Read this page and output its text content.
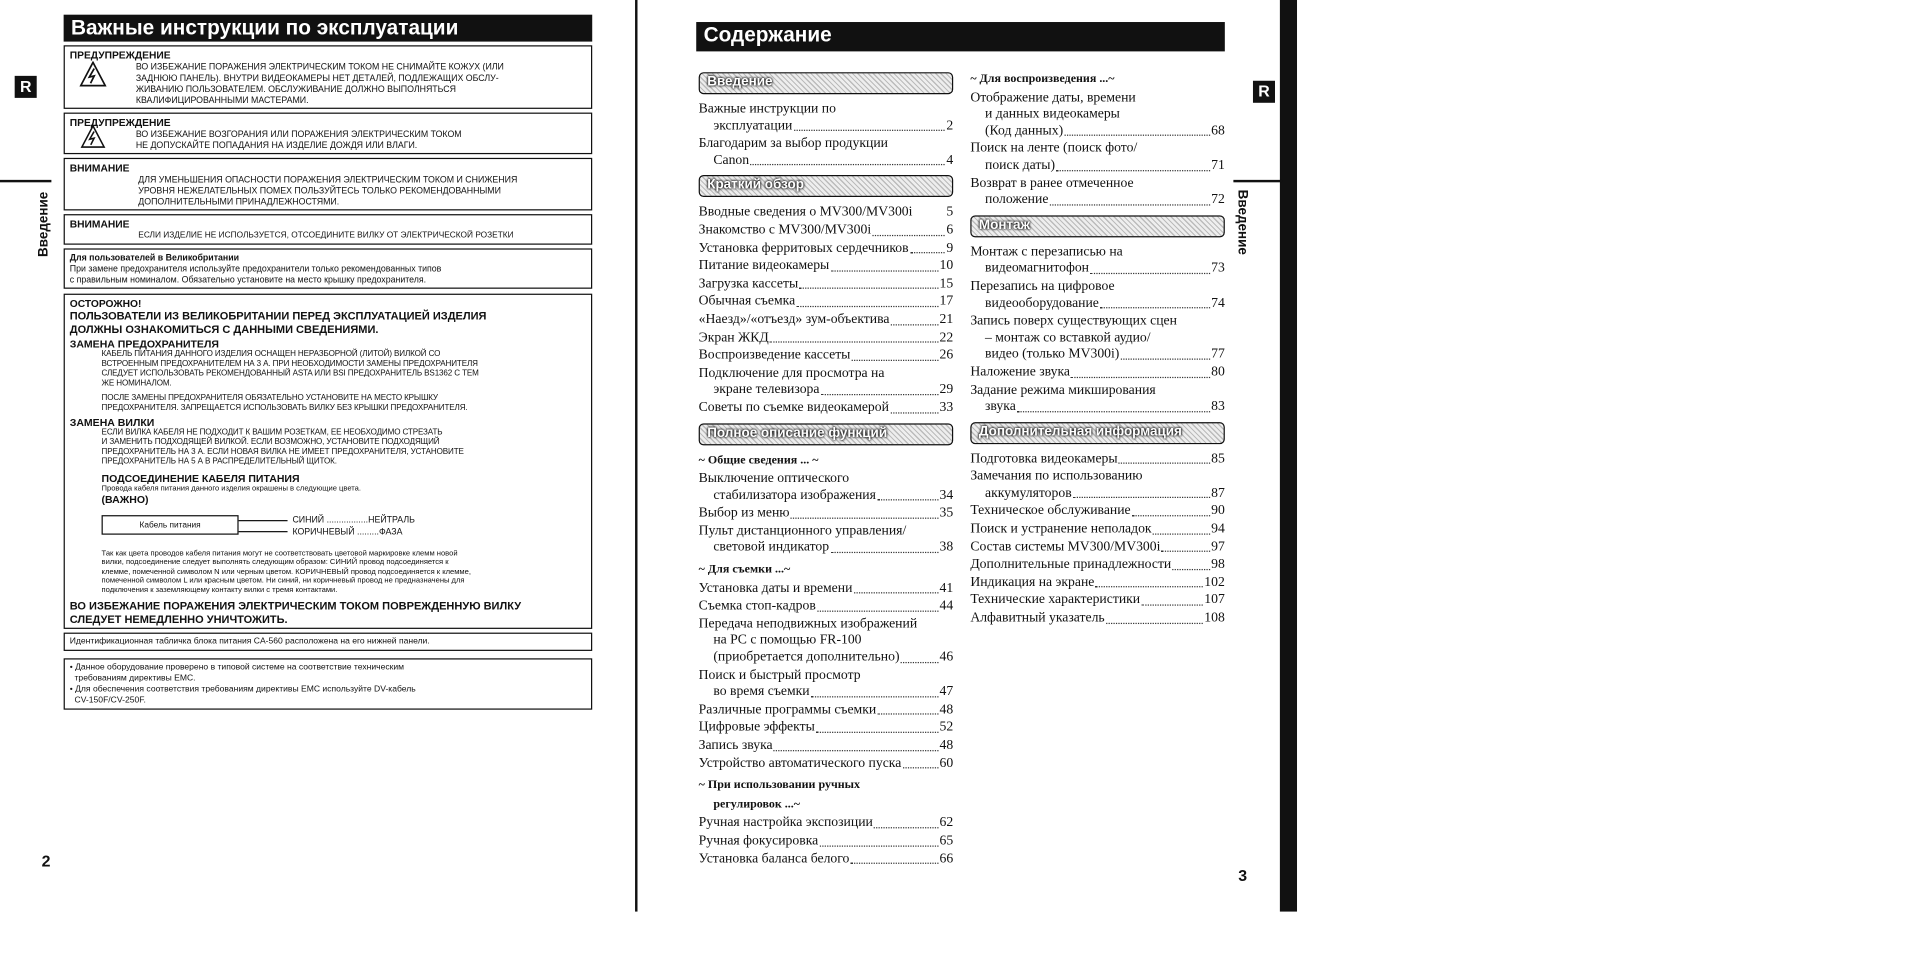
R
Введение
2
Важные инструкции по эксплуатации
ПРЕДУПРЕЖДЕНИЕ
ВО ИЗБЕЖАНИЕ ПОРАЖЕНИЯ ЭЛЕКТРИЧЕСКИМ ТОКОМ НЕ СНИМАЙТЕ КОЖУХ (ИЛИ
ЗАДНЮЮ ПАНЕЛЬ). ВНУТРИ ВИДЕОКАМЕРЫ НЕТ ДЕТАЛЕЙ, ПОДЛЕЖАЩИХ ОБСЛУ-
ЖИВАНИЮ ПОЛЬЗОВАТЕЛЕМ. ОБСЛУЖИВАНИЕ ДОЛЖНО ВЫПОЛНЯТЬСЯ
КВАЛИФИЦИРОВАННЫМИ МАСТЕРАМИ.
ПРЕДУПРЕЖДЕНИЕ
ВО ИЗБЕЖАНИЕ ВОЗГОРАНИЯ ИЛИ ПОРАЖЕНИЯ ЭЛЕКТРИЧЕСКИМ ТОКОМ
НЕ ДОПУСКАЙТЕ ПОПАДАНИЯ НА ИЗДЕЛИЕ ДОЖДЯ ИЛИ ВЛАГИ.
ВНИМАНИЕ
ДЛЯ УМЕНЬШЕНИЯ ОПАСНОСТИ ПОРАЖЕНИЯ ЭЛЕКТРИЧЕСКИМ ТОКОМ И СНИЖЕНИЯ
УРОВНЯ НЕЖЕЛАТЕЛЬНЫХ ПОМЕХ ПОЛЬЗУЙТЕСЬ ТОЛЬКО РЕКОМЕНДОВАННЫМИ
ДОПОЛНИТЕЛЬНЫМИ ПРИНАДЛЕЖНОСТЯМИ.
ВНИМАНИЕ
ЕСЛИ ИЗДЕЛИЕ НЕ ИСПОЛЬЗУЕТСЯ, ОТСОЕДИНИТЕ ВИЛКУ ОТ ЭЛЕКТРИЧЕСКОЙ РОЗЕТКИ
Для пользователей в Великобритании
При замене предохранителя используйте предохранители только рекомендованных типов
с правильным номиналом. Обязательно установите на место крышку предохранителя.
ОСТОРОЖНО!
ПОЛЬЗОВАТЕЛИ ИЗ ВЕЛИКОБРИТАНИИ ПЕРЕД ЭКСПЛУАТАЦИЕЙ ИЗДЕЛИЯ
ДОЛЖНЫ ОЗНАКОМИТЬСЯ С ДАННЫМИ СВЕДЕНИЯМИ.
ЗАМЕНА ПРЕДОХРАНИТЕЛЯ
КАБЕЛЬ ПИТАНИЯ ДАННОГО ИЗДЕЛИЯ ОСНАЩЕН НЕРАЗБОРНОЙ (ЛИТОЙ) ВИЛКОЙ СО
ВСТРОЕННЫМ ПРЕДОХРАНИТЕЛЕМ НА 3 А. ПРИ НЕОБХОДИМОСТИ ЗАМЕНЫ ПРЕДОХРАНИТЕЛЯ
СЛЕДУЕТ ИСПОЛЬЗОВАТЬ РЕКОМЕНДОВАННЫЙ ASTA ИЛИ BSI ПРЕДОХРАНИТЕЛЬ BS1362 С ТЕМ
ЖЕ НОМИНАЛОМ.
ПОСЛЕ ЗАМЕНЫ ПРЕДОХРАНИТЕЛЯ ОБЯЗАТЕЛЬНО УСТАНОВИТЕ НА МЕСТО КРЫШКУ
ПРЕДОХРАНИТЕЛЯ. ЗАПРЕЩАЕТСЯ ИСПОЛЬЗОВАТЬ ВИЛКУ БЕЗ КРЫШКИ ПРЕДОХРАНИТЕЛЯ.
ЗАМЕНА ВИЛКИ
ЕСЛИ ВИЛКА КАБЕЛЯ НЕ ПОДХОДИТ К ВАШИМ РОЗЕТКАМ, ЕЕ НЕОБХОДИМО СТРЕЗАТЬ
И ЗАМЕНИТЬ ПОДХОДЯЩЕЙ ВИЛКОЙ. ЕСЛИ ВОЗМОЖНО, УСТАНОВИТЕ ПОДХОДЯЩИЙ
ПРЕДОХРАНИТЕЛЬ НА 3 А. ЕСЛИ НОВАЯ ВИЛКА НЕ ИМЕЕТ ПРЕДОХРАНИТЕЛЯ, УСТАНОВИТЕ
ПРЕДОХРАНИТЕЛЬ НА 5 А В РАСПРЕДЕЛИТЕЛЬНЫЙ ЩИТОК.
ПОДСОЕДИНЕНИЕ КАБЕЛЯ ПИТАНИЯ
Провода кабеля питания данного изделия окрашены в следующие цвета.
(ВАЖНО)
Кабель питания
СИНИЙ .................НЕЙТРАЛЬ
КОРИЧНЕВЫЙ .........ФАЗА
Так как цвета проводов кабеля питания могут не соответствовать цветовой маркировке клемм новой
вилки, подсоединение следует выполнять следующим образом: СИНИЙ провод подсоединяется к
клемме, помеченной символом N или черным цветом. КОРИЧНЕВЫЙ провод подсоединяется к клемме,
помеченной символом L или красным цветом. Ни синий, ни коричневый провод не предназначены для
подключения к заземляющему контакту вилки с тремя контактами.
ВО ИЗБЕЖАНИЕ ПОРАЖЕНИЯ ЭЛЕКТРИЧЕСКИМ ТОКОМ ПОВРЕЖДЕННУЮ ВИЛКУ
СЛЕДУЕТ НЕМЕДЛЕННО УНИЧТОЖИТЬ.
Идентификационная табличка блока питания CA-560 расположена на его нижней панели.
• Данное оборудование проверено в типовой системе на соответствие техническим
требованиям директивы EMC.
• Для обеспечения соответствия требованиям директивы EMC используйте DV-кабель
CV-150F/CV-250F.
Содержание
Введение
Важные инструкции по
эксплуатации	2
Благодарим за выбор продукции
Canon	4
Краткий обзор
Вводные сведения о MV300/MV300i	5
Знакомство с MV300/MV300i	6
Установка ферритовых сердечников	9
Питание видеокамеры	10
Загрузка кассеты	15
Обычная съемка	17
«Наезд»/«отъезд» зум-объектива	21
Экран ЖКД	22
Воспроизведение кассеты	26
Подключение для просмотра на
экране телевизора	29
Советы по съемке видеокамерой	33
Полное описание функций
~ Общие сведения ... ~
Выключение оптического
стабилизатора изображения	34
Выбор из меню	35
Пульт дистанционного управления/
световой индикатор	38
~ Для съемки ...~
Установка даты и времени	41
Съемка стоп-кадров	44
Передача неподвижных изображений
на PC с помощью FR-100
(приобретается дополнительно)	46
Поиск и быстрый просмотр
во время съемки	47
Различные программы съемки	48
Цифровые эффекты	52
Запись звука	48
Устройство автоматического пуска	60
~ При использовании ручных
регулировок ...~
Ручная настройка экспозиции	62
Ручная фокусировка	65
Установка баланса белого	66
~ Для воспроизведения ...~
Отображение даты, времени
и данных видеокамеры
(Код данных)	68
Поиск на ленте (поиск фото/
поиск даты)	71
Возврат в ранее отмеченное
положение	72
Монтаж
Монтаж с перезаписью на
видеомагнитофон	73
Перезапись на цифровое
видеооборудование	74
Запись поверх существующих сцен
– монтаж со вставкой аудио/
видео (только MV300i)	77
Наложение звука	80
Задание режима микширования
звука	83
Дополнительная информация
Подготовка видеокамеры	85
Замечания по использованию
аккумуляторов	87
Техническое обслуживание	90
Поиск и устранение неполадок	94
Состав системы MV300/MV300i	97
Дополнительные принадлежности	98
Индикация на экране	102
Технические характеристики	107
Алфавитный указатель	108
R
Введение
3
